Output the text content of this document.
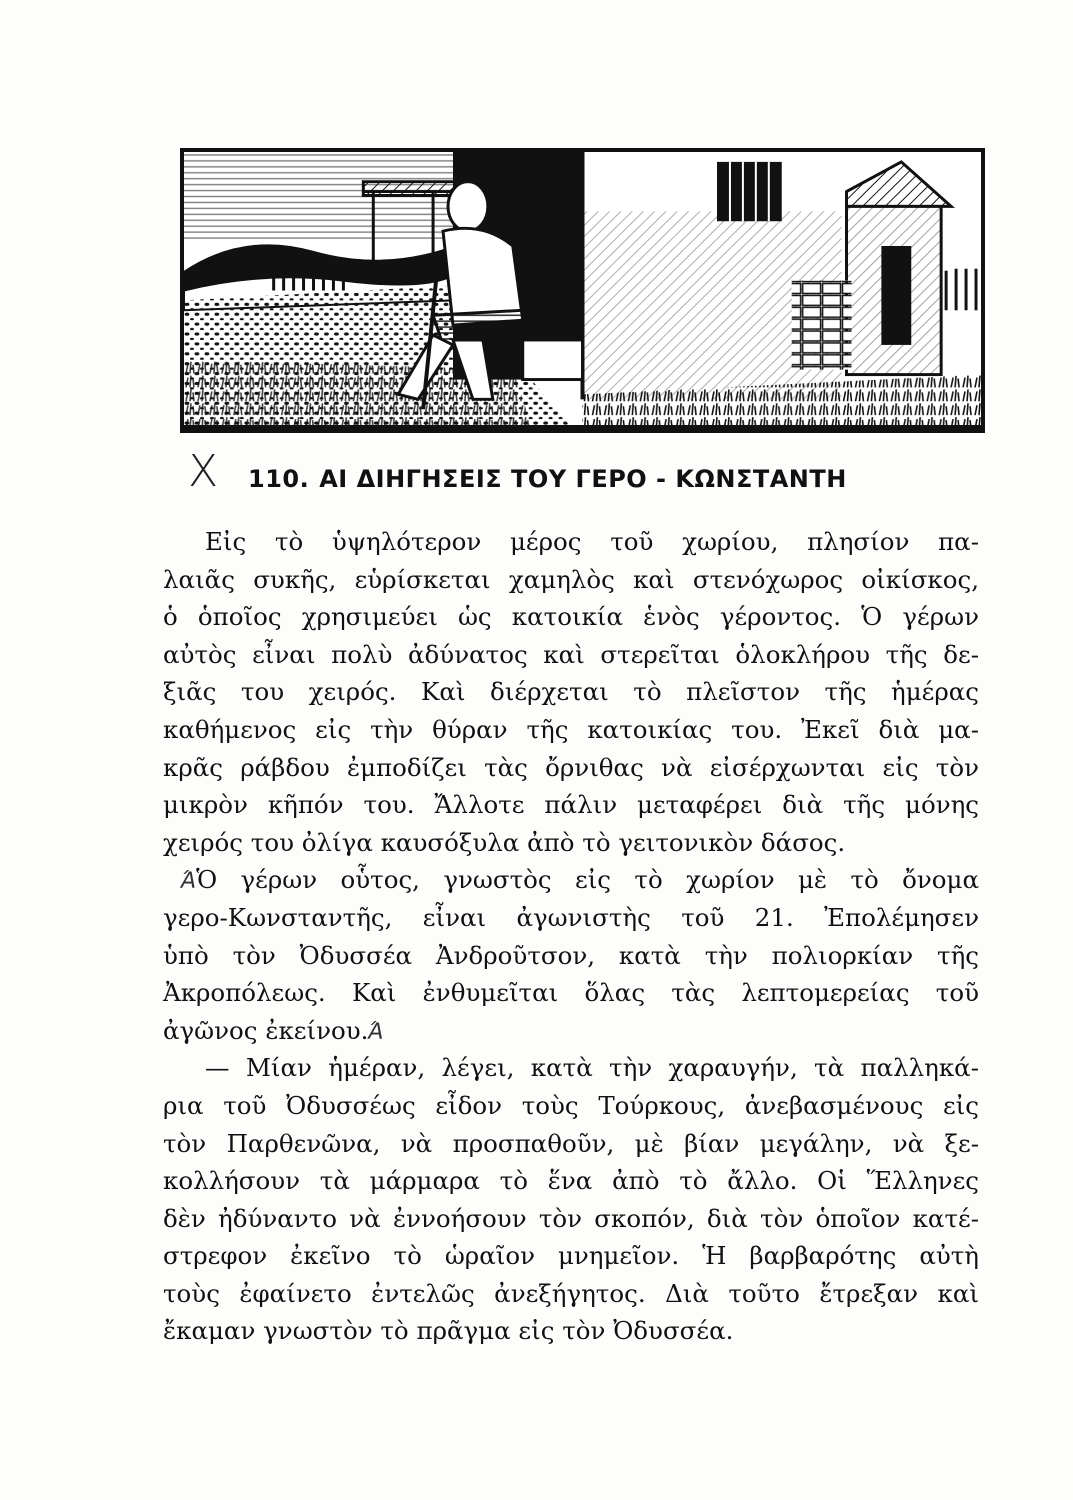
Χ 110. ΑΙ ΔΙΗΓΗΣΕΙΣ ΤΟΥ ΓΕΡΟ - ΚΩΝΣΤΑΝΤΗ
Εἰς τὸ ὑψηλότερον μέρος τοῦ χωρίου, πλησίον πα-
λαιᾶς συκῆς, εὑρίσκεται χαμηλὸς καὶ στενόχωρος οἰκίσκος,
ὁ ὁποῖος χρησιμεύει ὡς κατοικία ἑνὸς γέροντος. Ὁ γέρων
αὐτὸς εἶναι πολὺ ἀδύνατος καὶ στερεῖται ὁλοκλήρου τῆς δε-
ξιᾶς του χειρός. Καὶ διέρχεται τὸ πλεῖστον τῆς ἡμέρας
καθήμενος εἰς τὴν θύραν τῆς κατοικίας του. Ἐκεῖ διὰ μα-
κρᾶς ράβδου ἐμποδίζει τὰς ὄρνιθας νὰ εἰσέρχωνται εἰς τὸν
μικρὸν κῆπόν του. Ἄλλοτε πάλιν μεταφέρει διὰ τῆς μόνης
χειρός του ὀλίγα καυσόξυλα ἀπὸ τὸ γειτονικὸν δάσος.
ΆὉ γέρων οὗτος, γνωστὸς εἰς τὸ χωρίον μὲ τὸ ὄνομα
γερο-Κωνσταντῆς, εἶναι ἀγωνιστὴς τοῦ 21. Ἐπολέμησεν
ὑπὸ τὸν Ὀδυσσέα Ἀνδροῦτσον, κατὰ τὴν πολιορκίαν τῆς
Ἀκροπόλεως. Καὶ ἐνθυμεῖται ὅλας τὰς λεπτομερείας τοῦ
ἀγῶνος ἐκείνου.Ά
— Μίαν ἡμέραν, λέγει, κατὰ τὴν χαραυγήν, τὰ παλληκά-
ρια τοῦ Ὀδυσσέως εἶδον τοὺς Τούρκους, ἀνεβασμένους εἰς
τὸν Παρθενῶνα, νὰ προσπαθοῦν, μὲ βίαν μεγάλην, νὰ ξε-
κολλήσουν τὰ μάρμαρα τὸ ἕνα ἀπὸ τὸ ἄλλο. Οἱ Ἕλληνες
δὲν ἠδύναντο νὰ ἐννοήσουν τὸν σκοπόν, διὰ τὸν ὁποῖον κατέ-
στρεφον ἐκεῖνο τὸ ὡραῖον μνημεῖον. Ἡ βαρβαρότης αὐτὴ
τοὺς ἐφαίνετο ἐντελῶς ἀνεξήγητος. Διὰ τοῦτο ἔτρεξαν καὶ
ἔκαμαν γνωστὸν τὸ πρᾶγμα εἰς τὸν Ὀδυσσέα.
